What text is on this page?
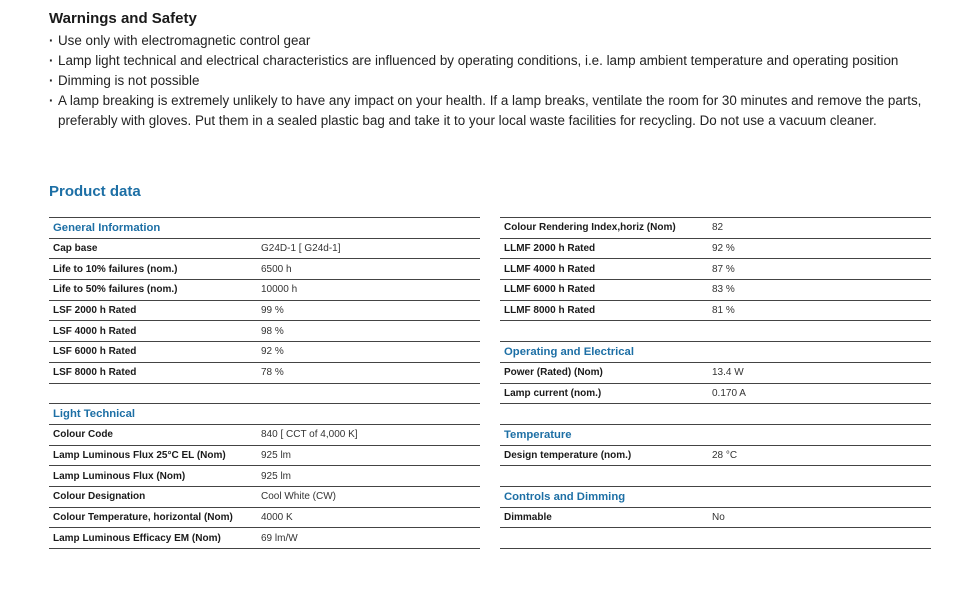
Warnings and Safety
· Use only with electromagnetic control gear
· Lamp light technical and electrical characteristics are influenced by operating conditions, i.e. lamp ambient temperature and operating position
· Dimming is not possible
· A lamp breaking is extremely unlikely to have any impact on your health. If a lamp breaks, ventilate the room for 30 minutes and remove the parts, preferably with gloves. Put them in a sealed plastic bag and take it to your local waste facilities for recycling. Do not use a vacuum cleaner.
Product data
General Information
Cap base	G24D-1 [ G24d-1]
Life to 10% failures (nom.)	6500 h
Life to 50% failures (nom.)	10000 h
LSF 2000 h Rated	99 %
LSF 4000 h Rated	98 %
LSF 6000 h Rated	92 %
LSF 8000 h Rated	78 %
Light Technical
Colour Code	840 [ CCT of 4,000 K]
Lamp Luminous Flux 25°C EL (Nom)	925 lm
Lamp Luminous Flux (Nom)	925 lm
Colour Designation	Cool White (CW)
Colour Temperature, horizontal (Nom)	4000 K
Lamp Luminous Efficacy EM (Nom)	69 lm/W
Colour Rendering Index,horiz (Nom)	82
LLMF 2000 h Rated	92 %
LLMF 4000 h Rated	87 %
LLMF 6000 h Rated	83 %
LLMF 8000 h Rated	81 %
Operating and Electrical
Power (Rated) (Nom)	13.4 W
Lamp current (nom.)	0.170 A
Temperature
Design temperature (nom.)	28 °C
Controls and Dimming
Dimmable	No
